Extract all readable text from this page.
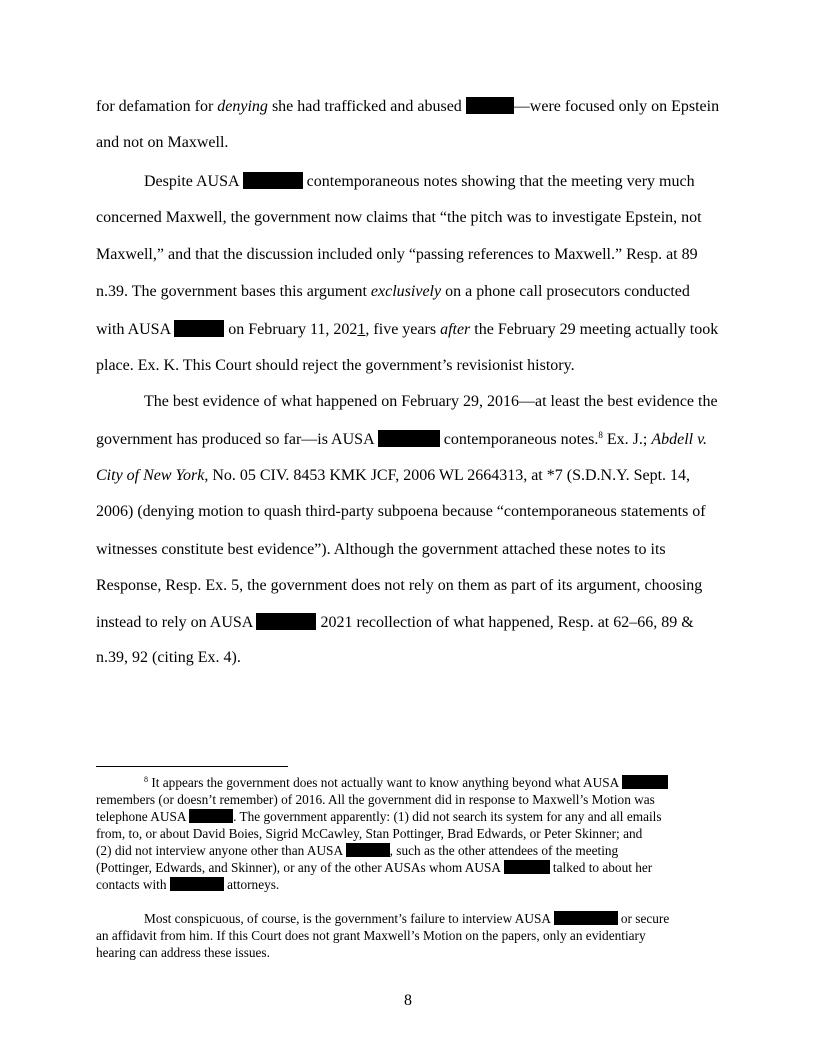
for defamation for denying she had trafficked and abused	—were focused only on Epstein
and not on Maxwell.
Despite AUSA	contemporaneous notes showing that the meeting very much
concerned Maxwell, the government now claims that “the pitch was to investigate Epstein, not
Maxwell,” and that the discussion included only “passing references to Maxwell.” Resp. at 89
n.39. The government bases this argument exclusively on a phone call prosecutors conducted
with AUSA	on February 11, 2021, five years after the February 29 meeting actually took
place. Ex. K. This Court should reject the government’s revisionist history.
The best evidence of what happened on February 29, 2016—at least the best evidence the
government has produced so far—is AUSA	contemporaneous notes.$^8$ Ex. J.; Abdell v.
City of New York, No. 05 CIV. 8453 KMK JCF, 2006 WL 2664313, at *7 (S.D.N.Y. Sept. 14,
2006) (denying motion to quash third-party subpoena because “contemporaneous statements of
witnesses constitute best evidence”). Although the government attached these notes to its
Response, Resp. Ex. 5, the government does not rely on them as part of its argument, choosing
instead to rely on AUSA	2021 recollection of what happened, Resp. at 62–66, 89 &
n.39, 92 (citing Ex. 4).
$^8$ It appears the government does not actually want to know anything beyond what AUSA
remembers (or doesn’t remember) of 2016. All the government did in response to Maxwell’s Motion was
telephone AUSA	. The government apparently: (1) did not search its system for any and all emails
from, to, or about David Boies, Sigrid McCawley, Stan Pottinger, Brad Edwards, or Peter Skinner; and
(2) did not interview anyone other than AUSA	, such as the other attendees of the meeting
(Pottinger, Edwards, and Skinner), or any of the other AUSAs whom AUSA	talked to about her
contacts with	attorneys.
Most conspicuous, of course, is the government’s failure to interview AUSA	or secure
an affidavit from him. If this Court does not grant Maxwell’s Motion on the papers, only an evidentiary
hearing can address these issues.
8
